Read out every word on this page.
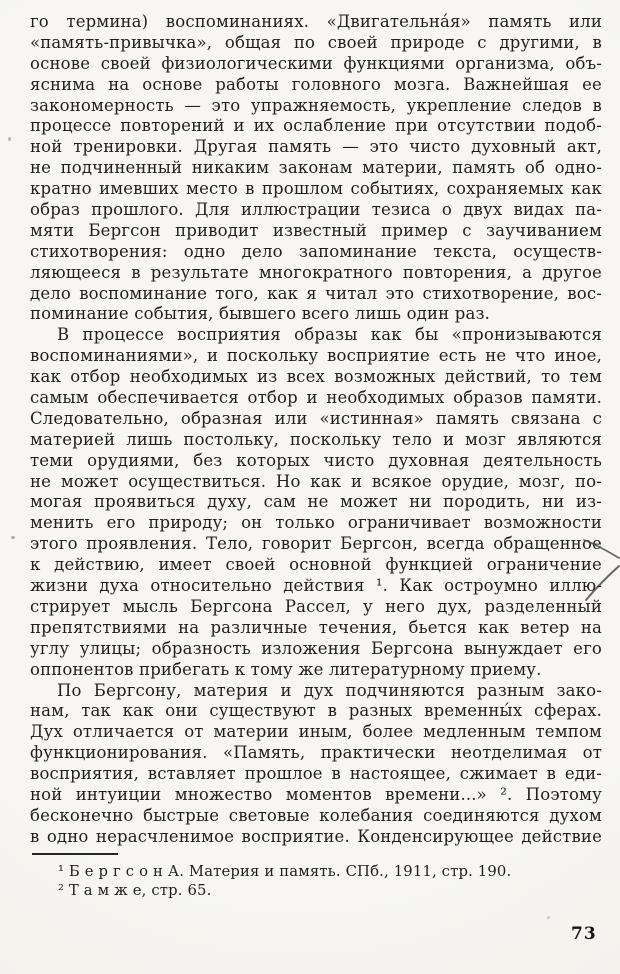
го термина) воспоминаниях. «Двигательна́я» память или
«память-привычка», общая по своей природе с другими, в
основе своей физиологическими функциями организма, объ-
яснима на основе работы головного мозга. Важнейшая ее
закономерность — это упражняемость, укрепление следов в
процессе повторений и их ослабление при отсутствии подоб-
ной тренировки. Другая память — это чисто духовный акт,
не подчиненный никаким законам материи, память об одно-
кратно имевших место в прошлом событиях, сохраняемых как
образ прошлого. Для иллюстрации тезиса о двух видах па-
мяти Бергсон приводит известный пример с заучиванием
стихотворения: одно дело запоминание текста, осуществ-
ляющееся в результате многократного повторения, а другое
дело воспоминание того, как я читал это стихотворение, вос-
поминание события, бывшего всего лишь один раз.
В процессе восприятия образы как бы «пронизываются
воспоминаниями», и поскольку восприятие есть не что иное,
как отбор необходимых из всех возможных действий, то тем
самым обеспечивается отбор и необходимых образов памяти.
Следовательно, образная или «истинная» память связана с
материей лишь постольку, поскольку тело и мозг являются
теми орудиями, без которых чисто духовная деятельность
не может осуществиться. Но как и всякое орудие, мозг, по-
могая проявиться духу, сам не может ни породить, ни из-
менить его природу; он только ограничивает возможности
этого проявления. Тело, говорит Бергсон, всегда обращенное
к действию, имеет своей основной функцией ограничение
жизни духа относительно действия ¹. Как остроумно иллю-
стрирует мысль Бергсона Рассел, у него дух, разделенный
препятствиями на различные течения, бьется как ветер на
углу улицы; образность изложения Бергсона вынуждает его
оппонентов прибегать к тому же литературному приему.
По Бергсону, материя и дух подчиняются разным зако-
нам, так как они существуют в разных временны́х сферах.
Дух отличается от материи иным, более медленным темпом
функционирования. «Память, практически неотделимая от
восприятия, вставляет прошлое в настоящее, сжимает в еди-
ной интуиции множество моментов времени...» ². Поэтому
бесконечно быстрые световые колебания соединяются духом
в одно нерасчленимое восприятие. Конденсирующее действие
¹ Б е р г с о н А. Материя и память. СПб., 1911, стр. 190.
² Т а м ж е, стр. 65.
73
